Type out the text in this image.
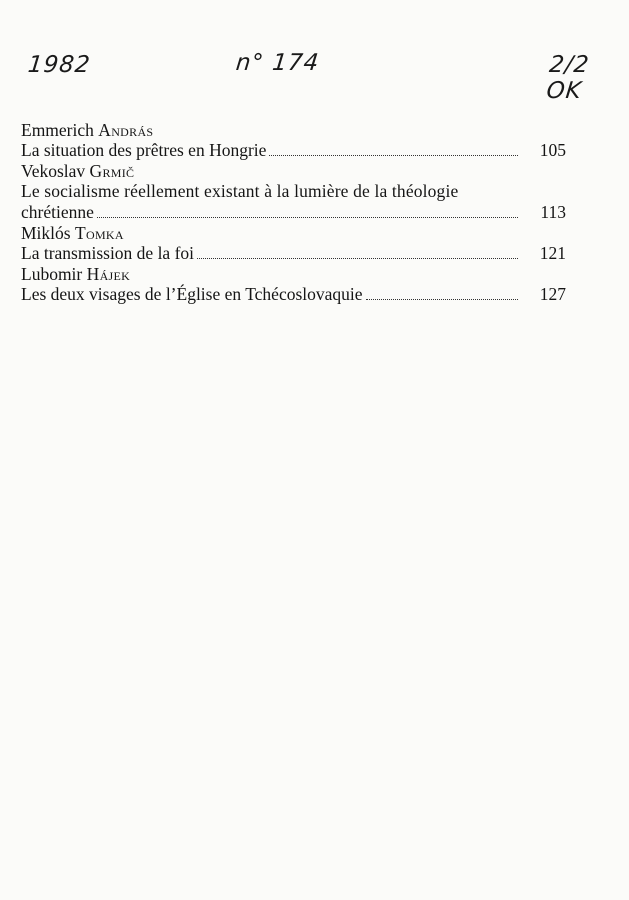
1982	n° 174	2/2 OK
Emmerich András
La situation des prêtres en Hongrie	105
Vekoslav Grmič
Le socialisme réellement existant à la lumière de la théologie
chrétienne	113
Miklós Tomka
La transmission de la foi	121
Lubomir Hájek
Les deux visages de l’Église en Tchécoslovaquie	127
